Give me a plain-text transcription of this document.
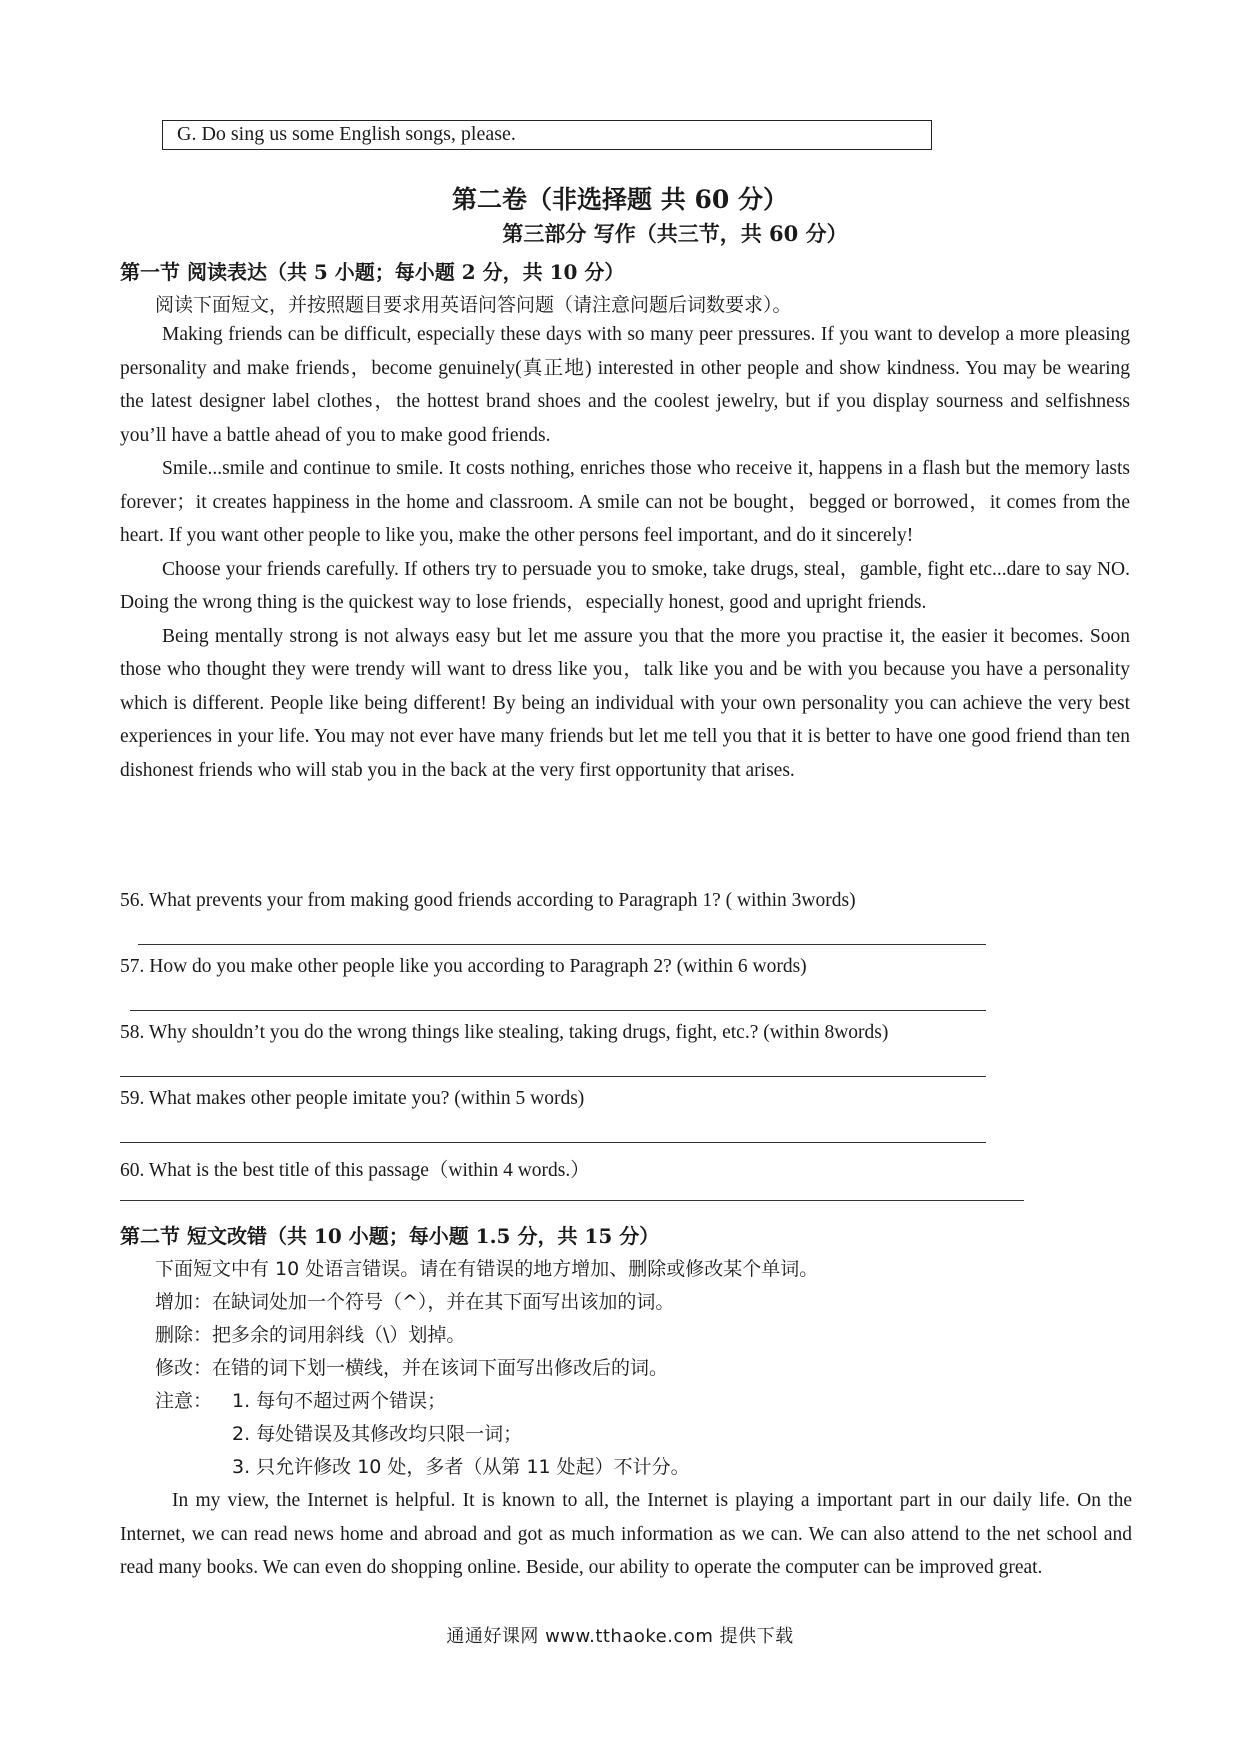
G. Do sing us some English songs, please.
第二卷（非选择题 共 60 分）
第三部分 写作（共三节，共 60 分）
第一节 阅读表达（共 5 小题；每小题 2 分，共 10 分）
阅读下面短文，并按照题目要求用英语问答问题（请注意问题后词数要求）。

Making friends can be difficult, especially these days with so many peer pressures. If you want to develop a more pleasing personality and make friends，become genuinely(真正地) interested in other people and show kindness. You may be wearing the latest designer label clothes，the hottest brand shoes and the coolest jewelry, but if you display sourness and selfishness you’ll have a battle ahead of you to make good friends.

Smile...smile and continue to smile. It costs nothing, enriches those who receive it, happens in a flash but the memory lasts forever；it creates happiness in the home and classroom. A smile can not be bought，begged or borrowed，it comes from the heart. If you want other people to like you, make the other persons feel important, and do it sincerely!

Choose your friends carefully. If others try to persuade you to smoke, take drugs, steal，gamble, fight etc...dare to say NO. Doing the wrong thing is the quickest way to lose friends，especially honest, good and upright friends.

Being mentally strong is not always easy but let me assure you that the more you practise it, the easier it becomes. Soon those who thought they were trendy will want to dress like you，talk like you and be with you because you have a personality which is different. People like being different! By being an individual with your own personality you can achieve the very best experiences in your life. You may not ever have many friends but let me tell you that it is better to have one good friend than ten dishonest friends who will stab you in the back at the very first opportunity that arises.

56. What prevents your from making good friends according to Paragraph 1? ( within 3words)
57. How do you make other people like you according to Paragraph 2? (within 6 words)
58. Why shouldn’t you do the wrong things like stealing, taking drugs, fight, etc.? (within 8words)
59. What makes other people imitate you? (within 5 words)
60. What is the best title of this passage（within 4 words.）
第二节 短文改错（共 10 小题；每小题 1.5 分，共 15 分）
下面短文中有 10 处语言错误。请在有错误的地方增加、删除或修改某个单词。
增加：在缺词处加一个符号（^），并在其下面写出该加的词。
删除：把多余的词用斜线（\）划掉。
修改：在错的词下划一横线，并在该词下面写出修改后的词。
注意： 1. 每句不超过两个错误；
2. 每处错误及其修改均只限一词；
3. 只允许修改 10 处，多者（从第 11 处起）不计分。

In my view, the Internet is helpful. It is known to all, the Internet is playing a important part in our daily life. On the Internet, we can read news home and abroad and got as much information as we can. We can also attend to the net school and read many books. We can even do shopping online. Beside, our ability to operate the computer can be improved great.

通通好课网 www.tthaoke.com 提供下载
